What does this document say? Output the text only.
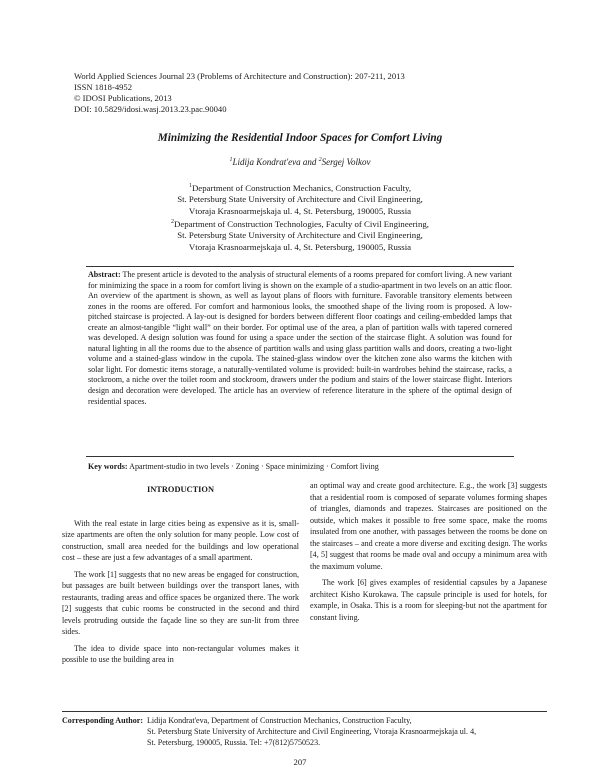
World Applied Sciences Journal 23 (Problems of Architecture and Construction): 207-211, 2013
ISSN 1818-4952
© IDOSI Publications, 2013
DOI: 10.5829/idosi.wasj.2013.23.pac.90040
Minimizing the Residential Indoor Spaces for Comfort Living
$^1$Lidija Kondrat'eva and $^2$Sergej Volkov
$^1$Department of Construction Mechanics, Construction Faculty,
St. Petersburg State University of Architecture and Civil Engineering,
Vtoraja Krasnoarmejskaja ul. 4, St. Petersburg, 190005, Russia
$^2$Department of Construction Technologies, Faculty of Civil Engineering,
St. Petersburg State University of Architecture and Civil Engineering,
Vtoraja Krasnoarmejskaja ul. 4, St. Petersburg, 190005, Russia
Abstract: The present article is devoted to the analysis of structural elements of a rooms prepared for comfort living. A new variant for minimizing the space in a room for comfort living is shown on the example of a studio-apartment in two levels on an attic floor. An overview of the apartment is shown, as well as layout plans of floors with furniture. Favorable transitory elements between zones in the rooms are offered. For comfort and harmonious looks, the smoothed shape of the living room is proposed. A low-pitched staircase is projected. A lay-out is designed for borders between different floor coatings and ceiling-embedded lamps that create an almost-tangible “light wall” on their border. For optimal use of the area, a plan of partition walls with tapered cornered was developed. A design solution was found for using a space under the section of the staircase flight. A solution was found for natural lighting in all the rooms due to the absence of partition walls and using glass partition walls and doors, creating a two-light volume and a stained-glass window in the cupola. The stained-glass window over the kitchen zone also warms the kitchen with solar light. For domestic items storage, a naturally-ventilated volume is provided: built-in wardrobes behind the staircase, racks, a stockroom, a niche over the toilet room and stockroom, drawers under the podium and stairs of the lower staircase flight. Interiors design and decoration were developed. The article has an overview of reference literature in the sphere of the optimal design of residential spaces.
Key words: Apartment-studio in two levels · Zoning · Space minimizing · Comfort living
INTRODUCTION

With the real estate in large cities being as expensive as it is, small-size apartments are often the only solution for many people. Low cost of construction, small area needed for the buildings and low operational cost – these are just a few advantages of a small apartment.

The work [1] suggests that no new areas be engaged for construction, but passages are built between buildings over the transport lanes, with restaurants, trading areas and office spaces be organized there. The work [2] suggests that cubic rooms be constructed in the second and third levels protruding outside the façade line so they are sun-lit from three sides.

The idea to divide space into non-rectangular volumes makes it possible to use the building area in

an optimal way and create good architecture. E.g., the work [3] suggests that a residential room is composed of separate volumes forming shapes of triangles, diamonds and trapezes. Staircases are positioned on the outside, which makes it possible to free some space, make the rooms insulated from one another, with passages between the rooms be done on the staircases – and create a more diverse and exciting design. The works [4, 5] suggest that rooms be made oval and occupy a minimum area with the maximum volume.

The work [6] gives examples of residential capsules by a Japanese architect Kisho Kurokawa. The capsule principle is used for hotels, for example, in Osaka. This is a room for sleeping-but not the apartment for constant living.

Corresponding Author: Lidija Kondrat'eva, Department of Construction Mechanics, Construction Faculty,
St. Petersburg State University of Architecture and Civil Engineering, Vtoraja Krasnoarmejskaja ul. 4,
St. Petersburg, 190005, Russia. Tel: +7(812)5750523.
207
